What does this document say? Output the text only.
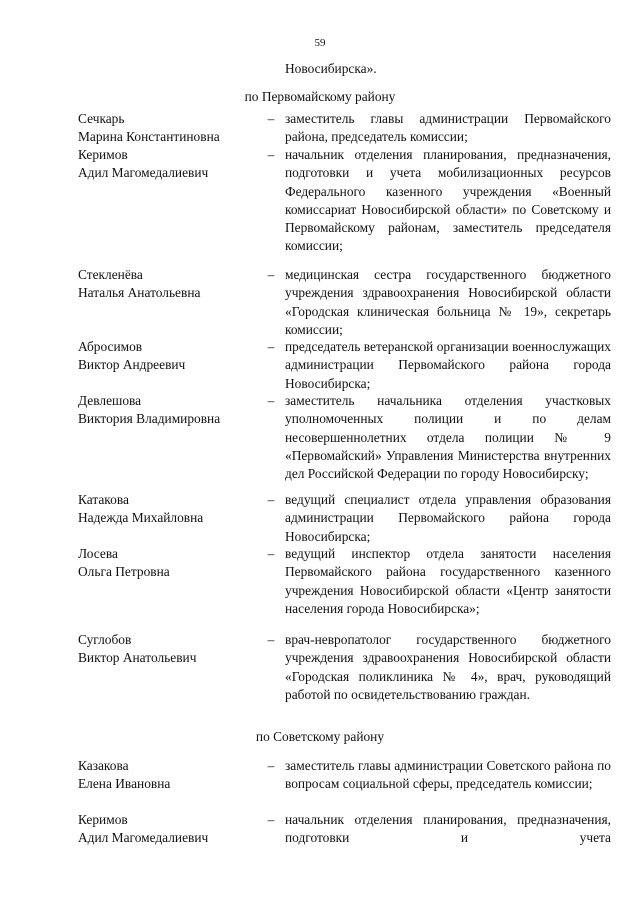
59
Новосибирска».
по Первомайскому району
Сечкарь
Марина Константиновна
– заместитель главы администрации Первомайского района, председатель комиссии;
Керимов
Адил Магомедалиевич
– начальник отделения планирования, предназначения, подготовки и учета мобилизационных ресурсов Федерального казенного учреждения «Военный комиссариат Новосибирской области» по Советскому и Первомайскому районам, заместитель председателя комиссии;
Стекленёва
Наталья Анатольевна
– медицинская сестра государственного бюджетного учреждения здравоохранения Новосибирской области «Городская клиническая больница № 19», секретарь комиссии;
Абросимов
Виктор Андреевич
– председатель ветеранской организации военнослужащих администрации Первомайского района города Новосибирска;
Девлешова
Виктория Владимировна
– заместитель начальника отделения участковых уполномоченных полиции и по делам несовершеннолетних отдела полиции № 9 «Первомайский» Управления Министерства внутренних дел Российской Федерации по городу Новосибирску;
Катакова
Надежда Михайловна
– ведущий специалист отдела управления образования администрации Первомайского района города Новосибирска;
Лосева
Ольга Петровна
– ведущий инспектор отдела занятости населения Первомайского района государственного казенного учреждения Новосибирской области «Центр занятости населения города Новосибирска»;
Суглобов
Виктор Анатольевич
– врач-невропатолог государственного бюджетного учреждения здравоохранения Новосибирской области «Городская поликлиника № 4», врач, руководящий работой по освидетельствованию граждан.
по Советскому району
Казакова
Елена Ивановна
– заместитель главы администрации Советского района по вопросам социальной сферы, председатель комиссии;
Керимов
Адил Магомедалиевич
– начальник отделения планирования, предназначения, подготовки и учета
